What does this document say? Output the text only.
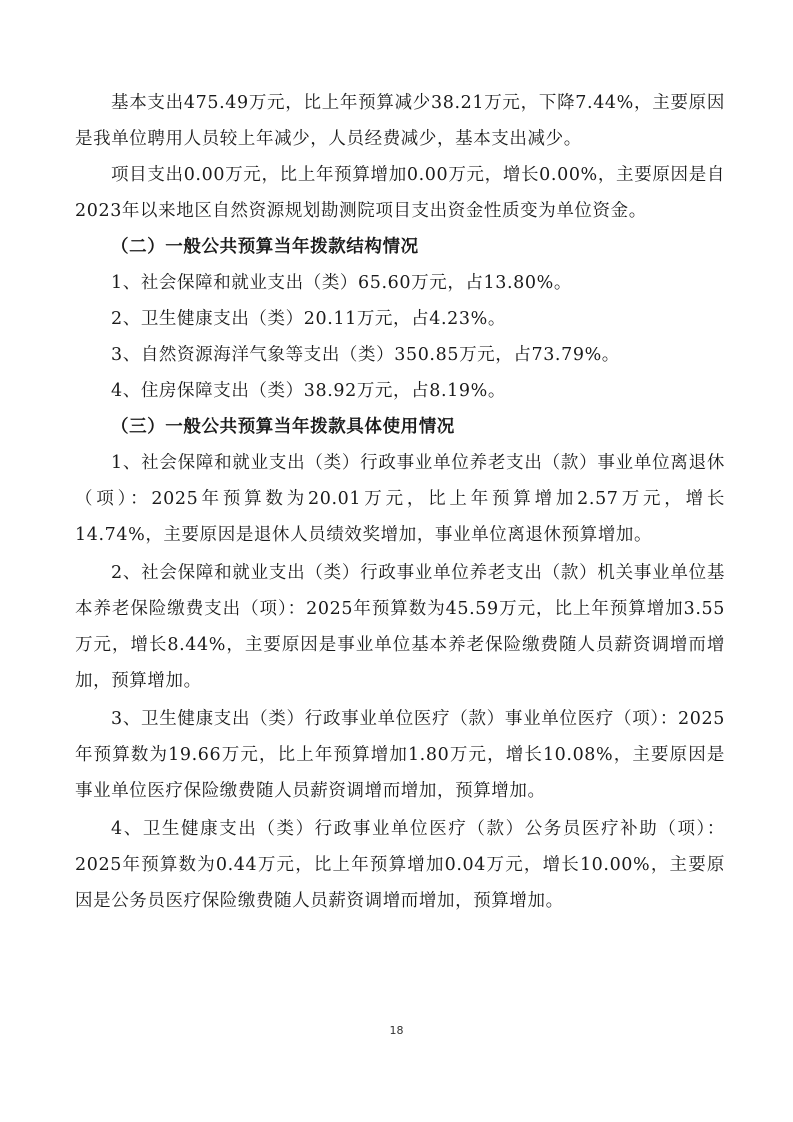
基本支出475.49万元，比上年预算减少38.21万元，下降7.44%，主要原因是我单位聘用人员较上年减少，人员经费减少，基本支出减少。

项目支出0.00万元，比上年预算增加0.00万元，增长0.00%，主要原因是自2023年以来地区自然资源规划勘测院项目支出资金性质变为单位资金。

（二）一般公共预算当年拨款结构情况

1、社会保障和就业支出（类）65.60万元，占13.80%。

2、卫生健康支出（类）20.11万元，占4.23%。

3、自然资源海洋气象等支出（类）350.85万元，占73.79%。

4、住房保障支出（类）38.92万元，占8.19%。

（三）一般公共预算当年拨款具体使用情况

1、社会保障和就业支出（类）行政事业单位养老支出（款）事业单位离退休（项）：2025年预算数为20.01万元，比上年预算增加2.57万元，增长14.74%，主要原因是退休人员绩效奖增加，事业单位离退休预算增加。

2、社会保障和就业支出（类）行政事业单位养老支出（款）机关事业单位基本养老保险缴费支出（项）：2025年预算数为45.59万元，比上年预算增加3.55万元，增长8.44%，主要原因是事业单位基本养老保险缴费随人员薪资调增而增加，预算增加。

3、卫生健康支出（类）行政事业单位医疗（款）事业单位医疗（项）：2025年预算数为19.66万元，比上年预算增加1.80万元，增长10.08%，主要原因是事业单位医疗保险缴费随人员薪资调增而增加，预算增加。

4、卫生健康支出（类）行政事业单位医疗（款）公务员医疗补助（项）：2025年预算数为0.44万元，比上年预算增加0.04万元，增长10.00%，主要原因是公务员医疗保险缴费随人员薪资调增而增加，预算增加。

18
